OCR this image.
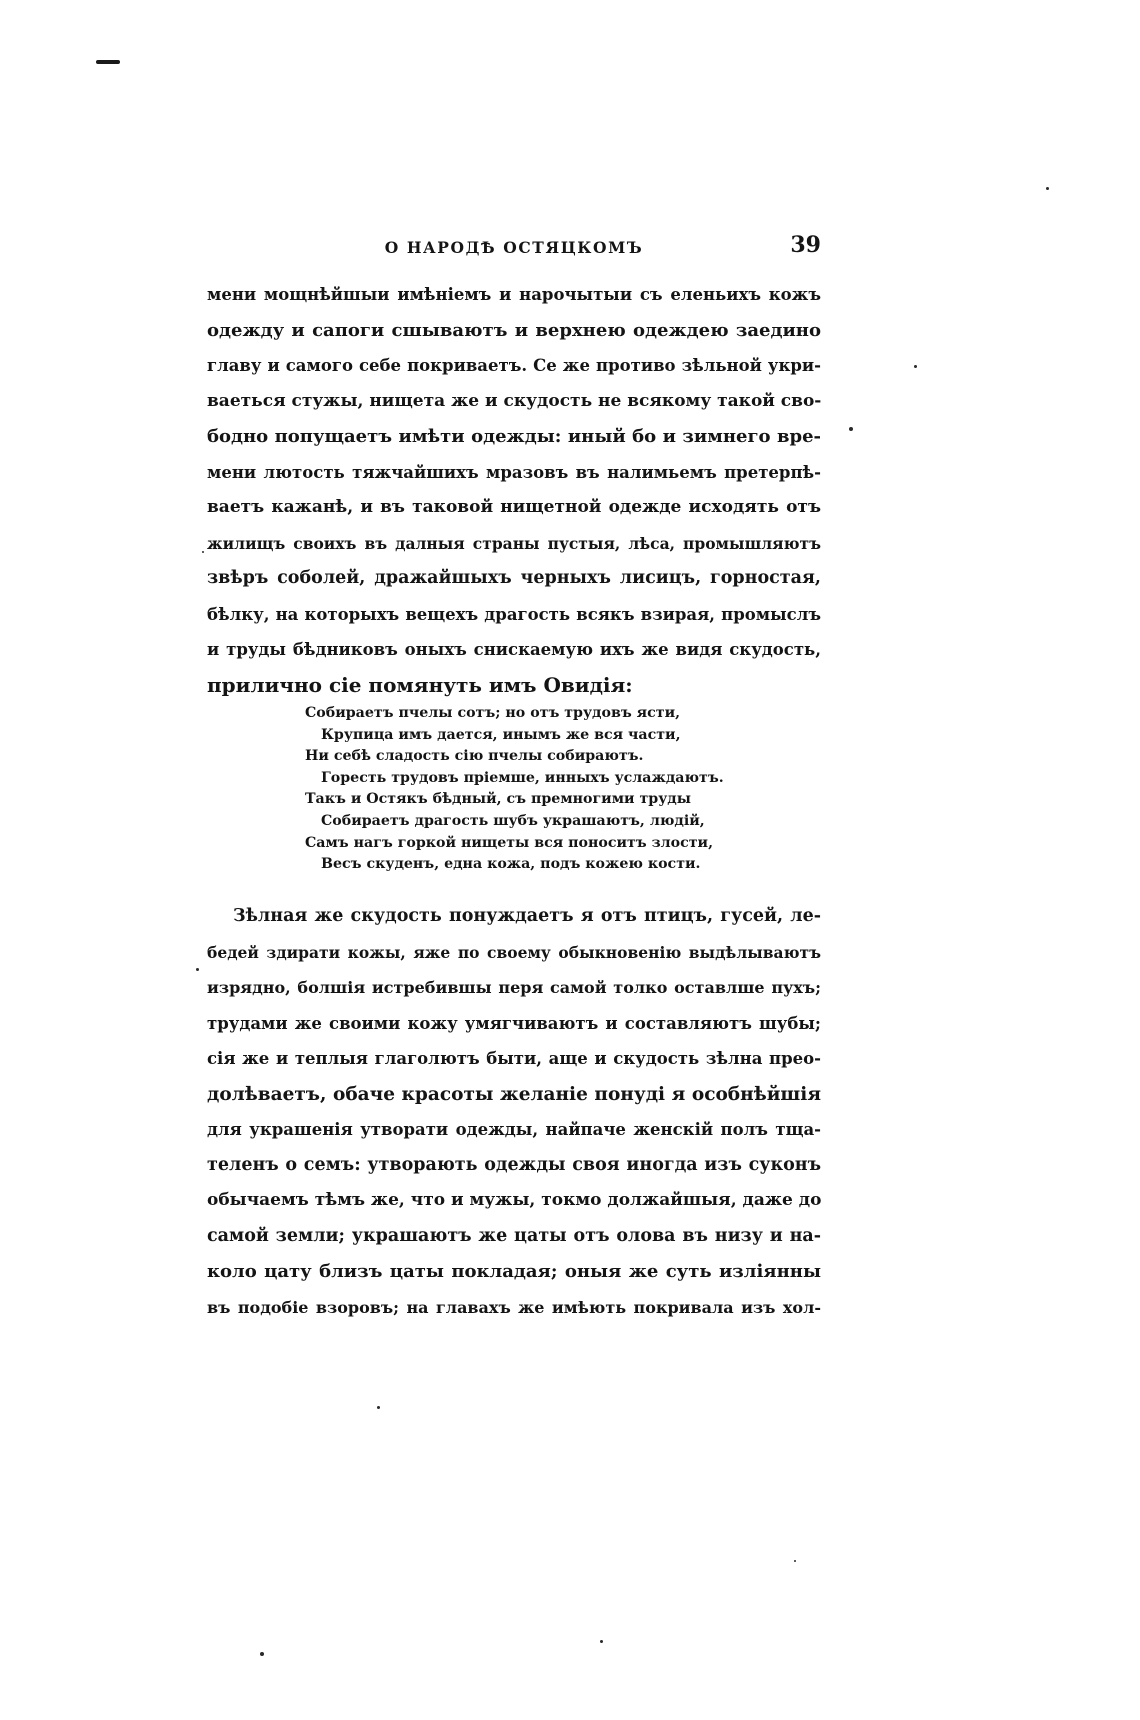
О НАРОДѢ ОСТЯЦКОМЪ	39
мени мощнѣйшыи имѣніемъ и нарочытыи съ еленьихъ кожъ
одежду и сапоги сшываютъ и верхнею одеждею заедино
главу и самого себе покриваетъ. Се же противо зѣльной укри-
ваеться стужы, нищета же и скудость не всякому такой сво-
бодно попущаетъ имѣти одежды: иный бо и зимнего вре-
мени лютость тяжчайшихъ мразовъ въ налимьемъ претерпѣ-
ваетъ кажанѣ, и въ таковой нищетной одежде исходять отъ
жилищъ своихъ въ далныя страны пустыя, лѣса, промышляютъ
звѣръ соболей, дражайшыхъ черныхъ лисицъ, горностая,
бѣлку, на которыхъ вещехъ драгость всякъ взирая, промыслъ
и труды бѣдниковъ оныхъ снискаемую ихъ же видя скудость,
прилично сіе помянуть имъ Овидія:
Собираетъ пчелы сотъ; но отъ трудовъ ясти,
Крупица имъ дается, инымъ же вся части,
Ни себѣ сладость сію пчелы собираютъ.
Горесть трудовъ пріемше, инныхъ услаждаютъ.
Такъ и Остякъ бѣдный, съ премногими труды
Собираетъ драгость шубъ украшаютъ, людій,
Самъ нагъ горкой нищеты вся поноситъ злости,
Весъ скуденъ, една кожа, подъ кожею кости.
Зѣлная же скудость понуждаетъ я отъ птицъ, гусей, ле-
бедей здирати кожы, яже по своему обыкновенію выдѣлываютъ
изрядно, болшія истребившы перя самой толко оставлше пухъ;
трудами же своими кожу умягчиваютъ и составляютъ шубы;
сія же и теплыя глаголютъ быти, аще и скудость зѣлна прео-
долѣваетъ, обаче красоты желаніе понуді я особнѣйшія
для украшенія утворати одежды, найпаче женскій полъ тща-
теленъ о семъ: утворають одежды своя иногда изъ суконъ
обычаемъ тѣмъ же, что и мужы, токмо должайшыя, даже до
самой земли; украшаютъ же цаты отъ олова въ низу и на-
коло цату близъ цаты покладая; оныя же суть изліянны
въ подобіе взоровъ; на главахъ же имѣють покривала изъ хол-
